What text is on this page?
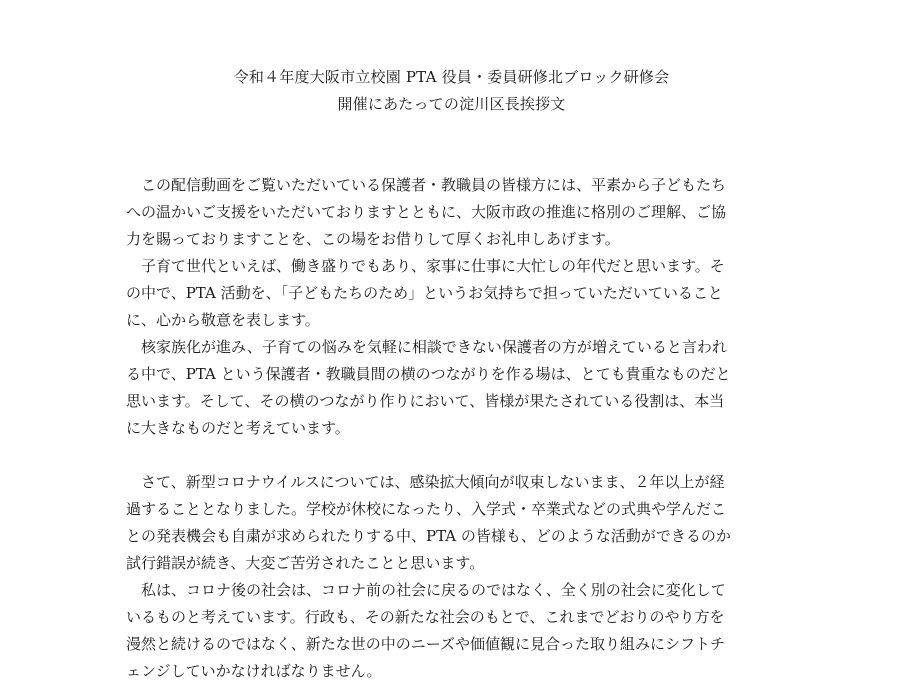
令和４年度大阪市立校園 PTA 役員・委員研修北ブロック研修会
開催にあたっての淀川区長挨拶文
　この配信動画をご覧いただいている保護者・教職員の皆様方には、平素から子どもたち
への温かいご支援をいただいておりますとともに、大阪市政の推進に格別のご理解、ご協
力を賜っておりますことを、この場をお借りして厚くお礼申しあげます。
　子育て世代といえば、働き盛りでもあり、家事に仕事に大忙しの年代だと思います。そ
の中で、PTA 活動を、「子どもたちのため」というお気持ちで担っていただいていること
に、心から敬意を表します。
　核家族化が進み、子育ての悩みを気軽に相談できない保護者の方が増えていると言われ
る中で、PTA という保護者・教職員間の横のつながりを作る場は、とても貴重なものだと
思います。そして、その横のつながり作りにおいて、皆様が果たされている役割は、本当
に大きなものだと考えています。
　さて、新型コロナウイルスについては、感染拡大傾向が収束しないまま、２年以上が経
過することとなりました。学校が休校になったり、入学式・卒業式などの式典や学んだこ
との発表機会も自粛が求められたりする中、PTA の皆様も、どのような活動ができるのか
試行錯誤が続き、大変ご苦労されたことと思います。
　私は、コロナ後の社会は、コロナ前の社会に戻るのではなく、全く別の社会に変化して
いるものと考えています。行政も、その新たな社会のもとで、これまでどおりのやり方を
漫然と続けるのではなく、新たな世の中のニーズや価値観に見合った取り組みにシフトチ
ェンジしていかなければなりません。
